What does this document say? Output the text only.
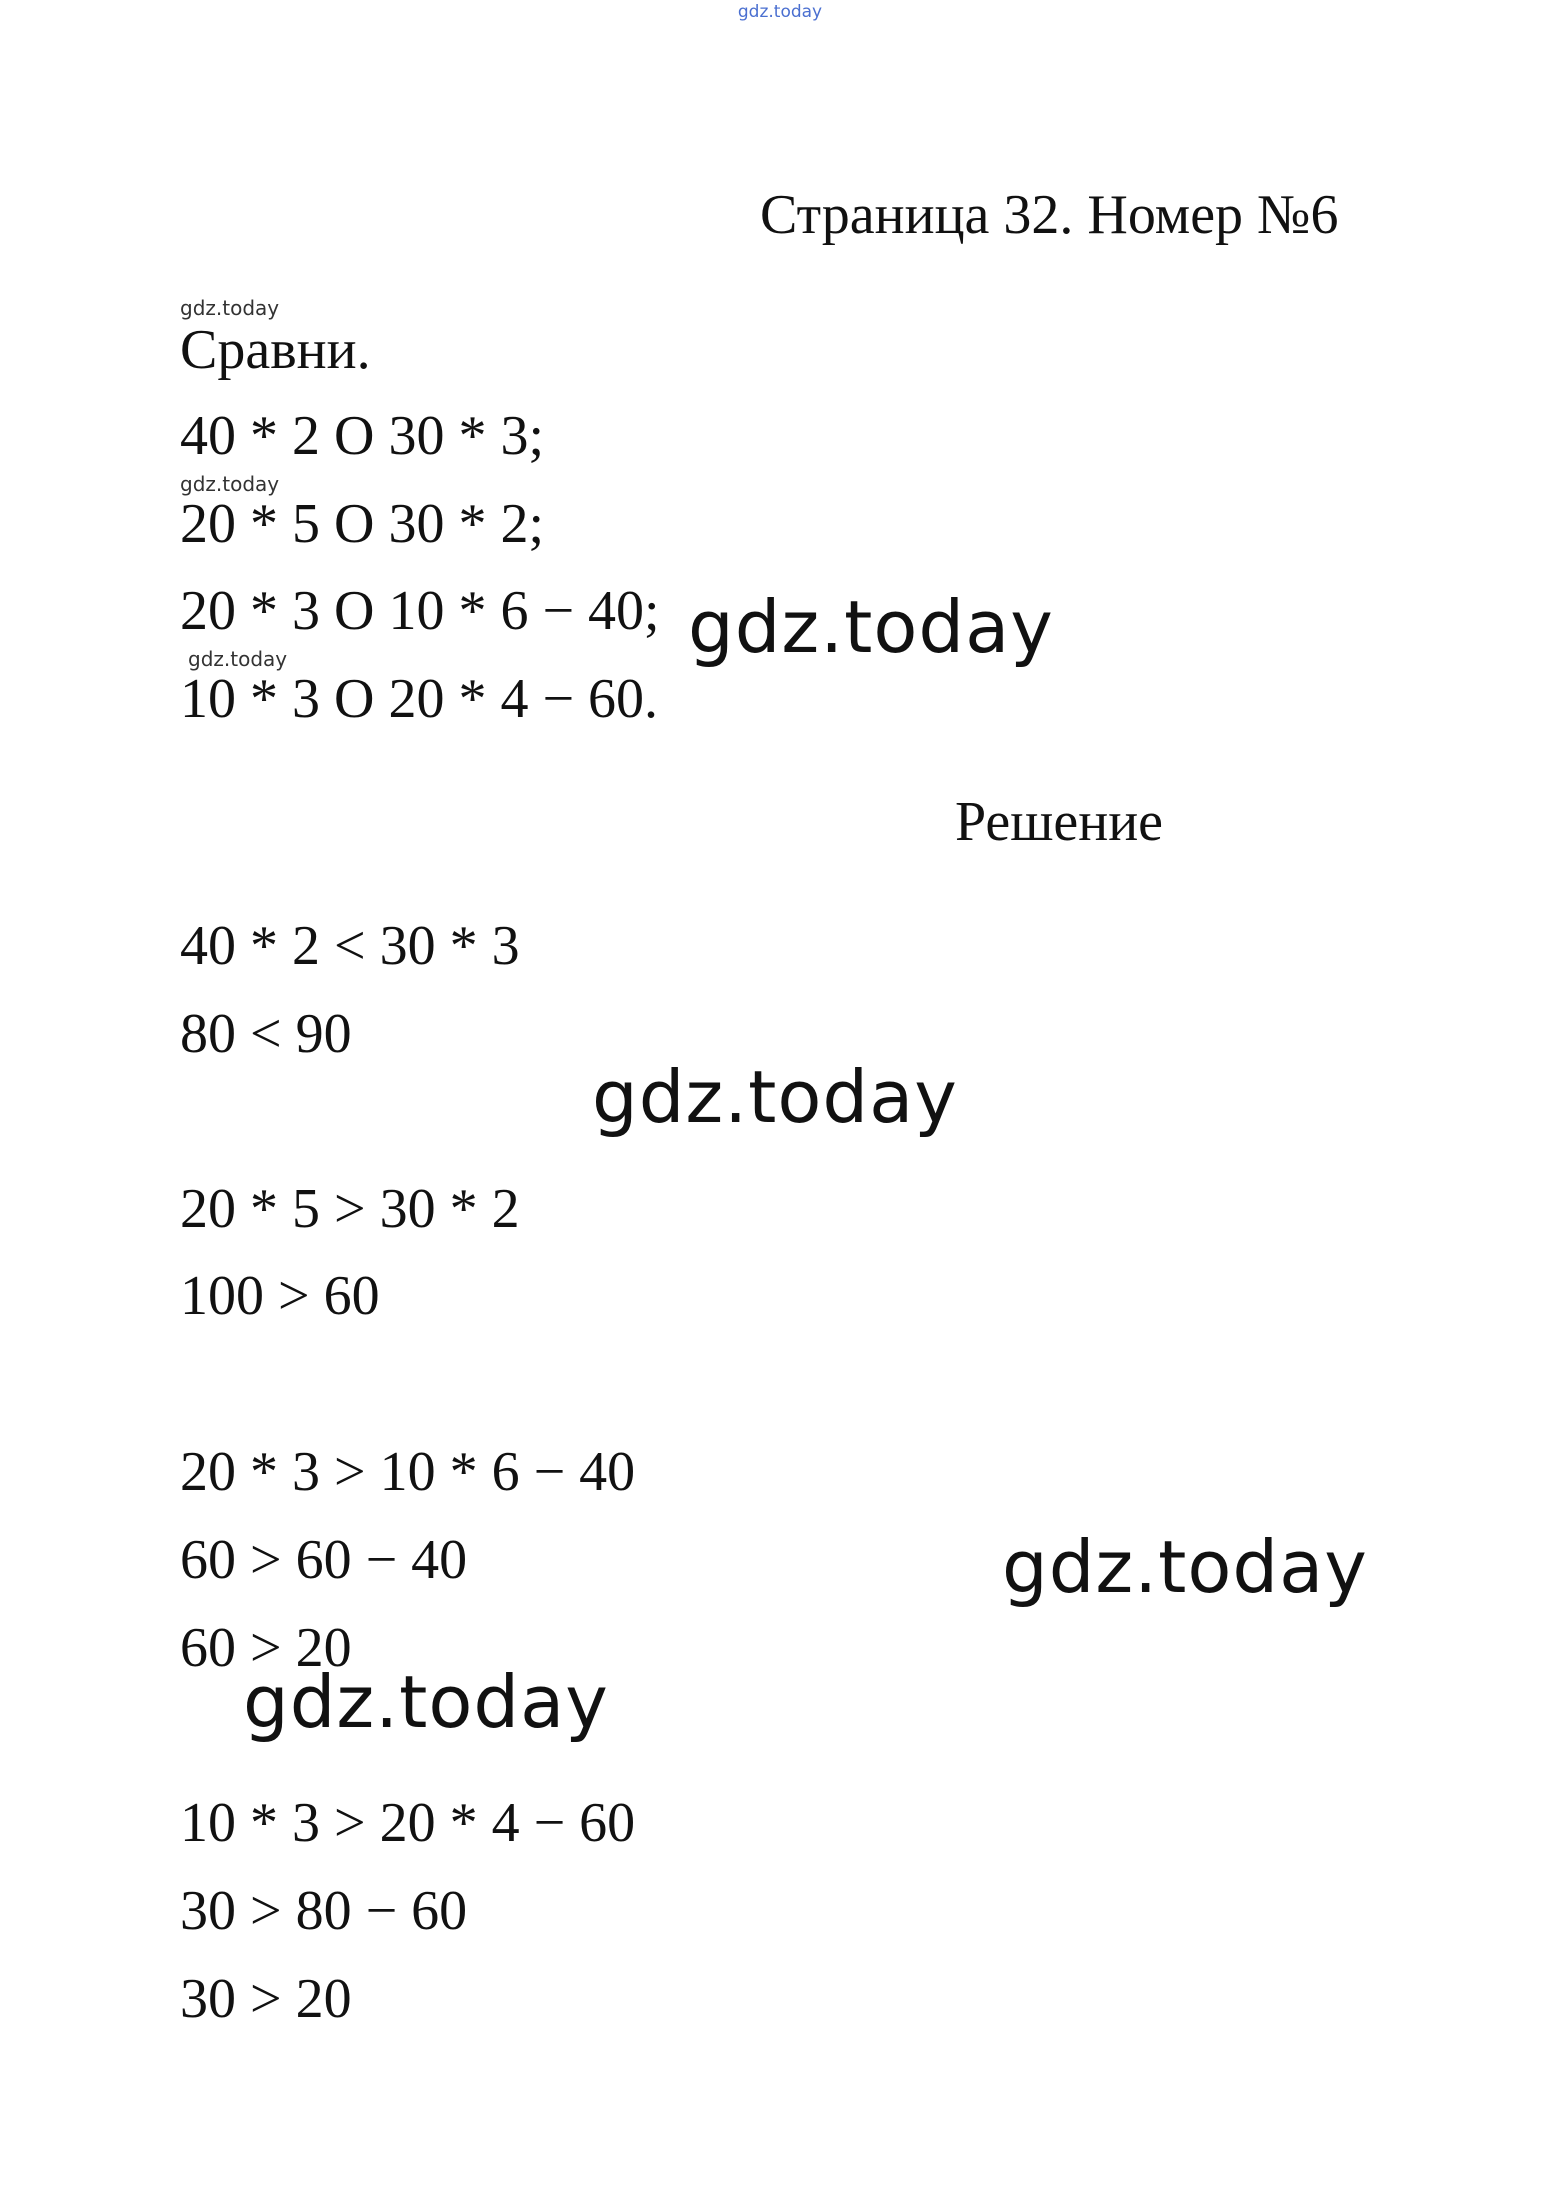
gdz.today
Страница 32. Номер №6
gdz.today
gdz.today
gdz.today
Сравни.
40 * 2 O 30 * 3;
20 * 5 O 30 * 2;
20 * 3 O 10 * 6 − 40;
10 * 3 O 20 * 4 − 60.
gdz.today
Решение
40 * 2 < 30 * 3
80 < 90
gdz.today
20 * 5 > 30 * 2
100 > 60
20 * 3 > 10 * 6 − 40
60 > 60 − 40
60 > 20
gdz.today
gdz.today
10 * 3 > 20 * 4 − 60
30 > 80 − 60
30 > 20
